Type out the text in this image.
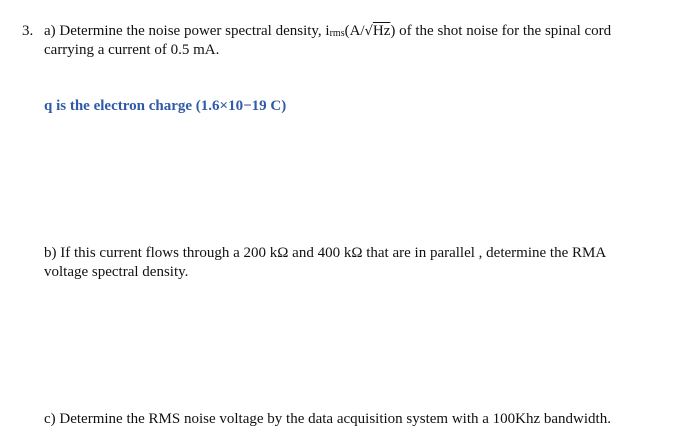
3. a) Determine the noise power spectral density, irms(A/√Hz) of the shot noise for the spinal cord
carrying a current of 0.5 mA.
q is the electron charge (1.6×10−19 C)
b) If this current flows through a 200 kΩ and 400 kΩ that are in parallel , determine the RMA
voltage spectral density.
c) Determine the RMS noise voltage by the data acquisition system with a 100Khz bandwidth.
